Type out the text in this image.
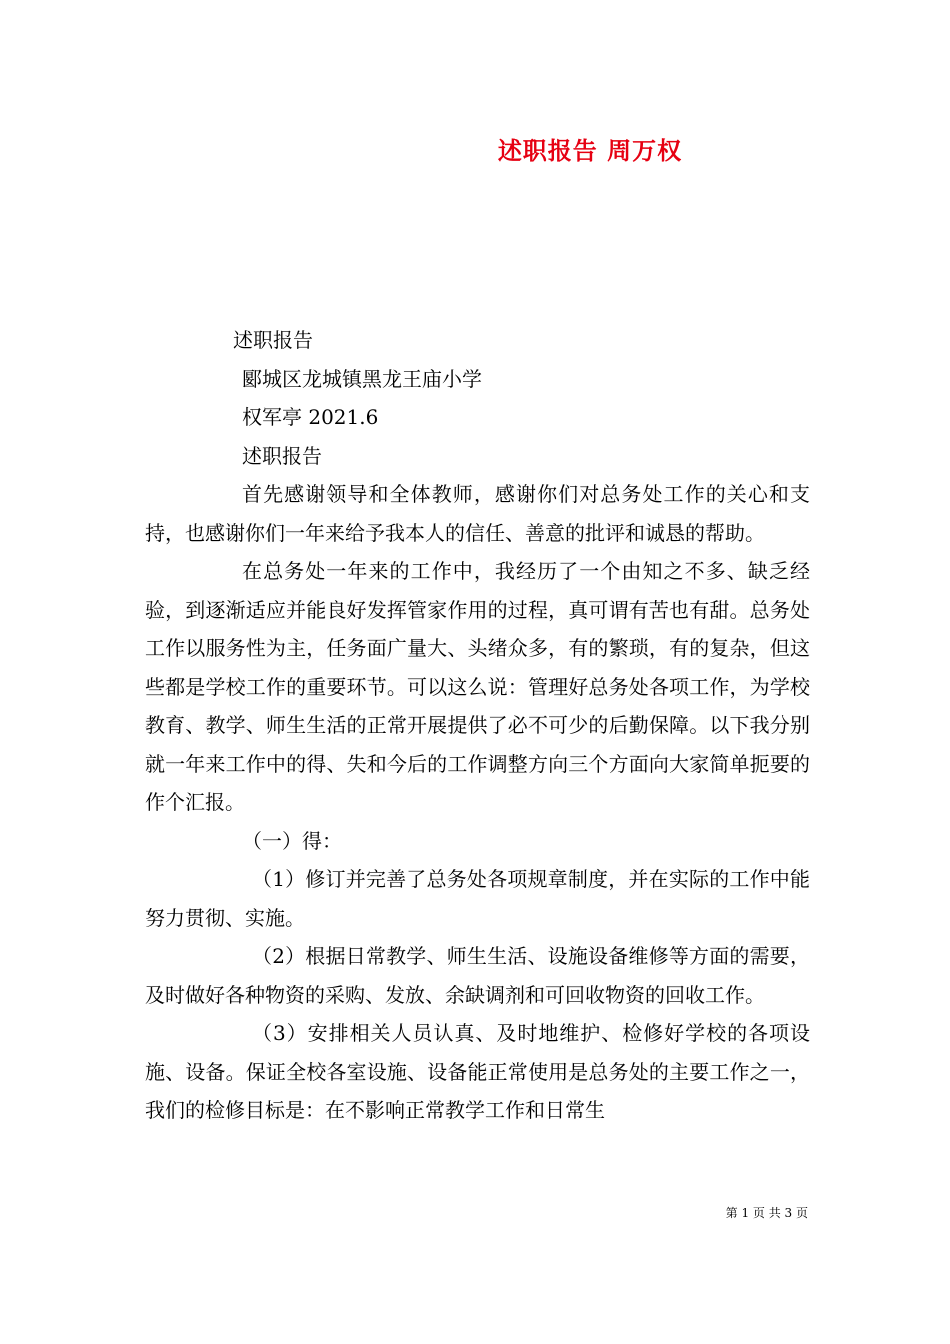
述职报告 周万权
述职报告
郾城区龙城镇黑龙王庙小学
权军亭 2021.6
述职报告

首先感谢领导和全体教师，感谢你们对总务处工作的关心和支持，也感谢你们一年来给予我本人的信任、善意的批评和诚恳的帮助。

在总务处一年来的工作中，我经历了一个由知之不多、缺乏经验，到逐渐适应并能良好发挥管家作用的过程，真可谓有苦也有甜。总务处工作以服务性为主，任务面广量大、头绪众多，有的繁琐，有的复杂，但这些都是学校工作的重要环节。可以这么说：管理好总务处各项工作，为学校教育、教学、师生生活的正常开展提供了必不可少的后勤保障。以下我分别就一年来工作中的得、失和今后的工作调整方向三个方面向大家简单扼要的作个汇报。

（一）得：

（1）修订并完善了总务处各项规章制度，并在实际的工作中能努力贯彻、实施。

（2）根据日常教学、师生生活、设施设备维修等方面的需要，及时做好各种物资的采购、发放、余缺调剂和可回收物资的回收工作。

（3）安排相关人员认真、及时地维护、检修好学校的各项设施、设备。保证全校各室设施、设备能正常使用是总务处的主要工作之一，我们的检修目标是：在不影响正常教学工作和日常生

第 1 页 共 3 页
